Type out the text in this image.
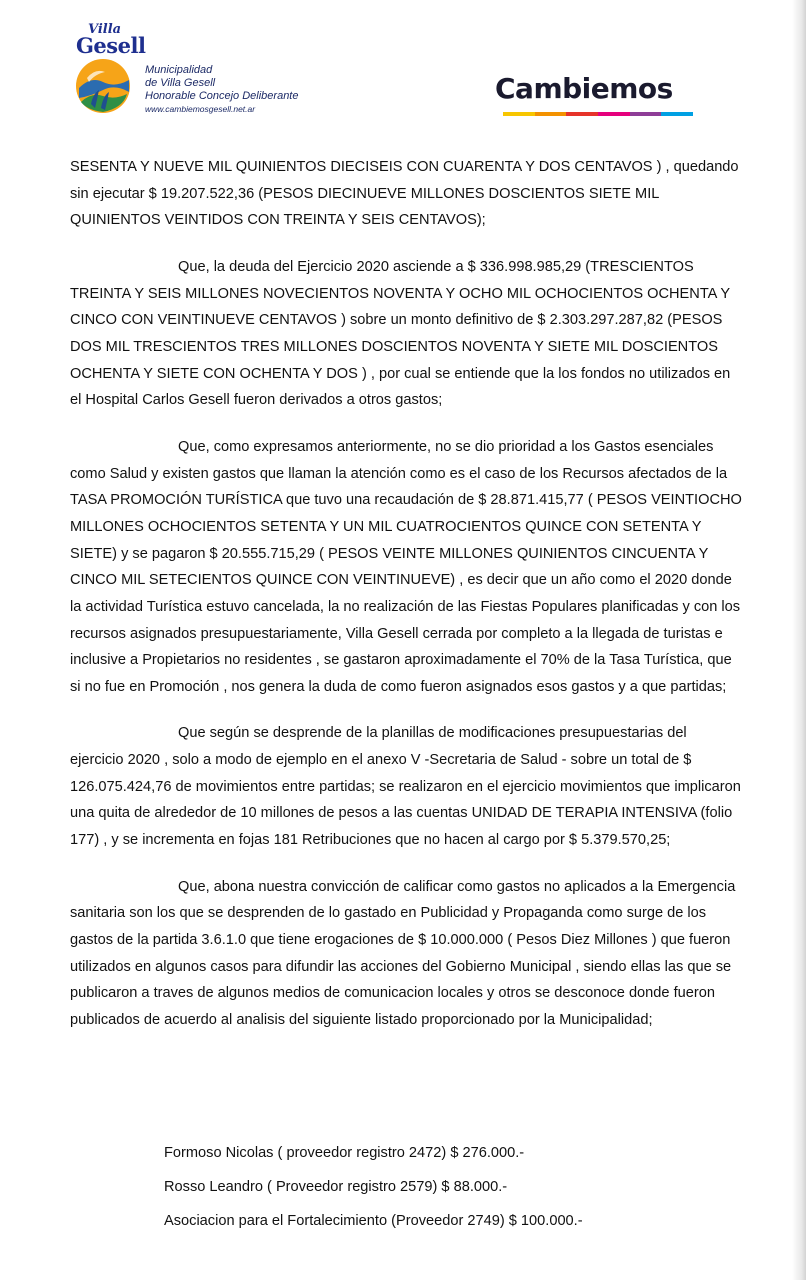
Villa
Gesell
Municipalidad
de Villa Gesell
Honorable Concejo Deliberante
www.cambiemosgesell.net.ar
Cambiemos

SESENTA Y NUEVE MIL QUINIENTOS DIECISEIS CON CUARENTA Y DOS CENTAVOS ) , quedando sin ejecutar $ 19.207.522,36 (PESOS DIECINUEVE MILLONES DOSCIENTOS SIETE MIL QUINIENTOS VEINTIDOS CON TREINTA Y SEIS CENTAVOS);

Que, la deuda del Ejercicio 2020 asciende a $ 336.998.985,29 (TRESCIENTOS TREINTA Y SEIS MILLONES NOVECIENTOS NOVENTA Y OCHO MIL OCHOCIENTOS OCHENTA Y CINCO CON VEINTINUEVE CENTAVOS ) sobre un monto definitivo de $ 2.303.297.287,82 (PESOS DOS MIL TRESCIENTOS TRES MILLONES DOSCIENTOS NOVENTA Y SIETE MIL DOSCIENTOS OCHENTA Y SIETE CON OCHENTA Y DOS ) , por cual se entiende que la los fondos no utilizados en el Hospital Carlos Gesell fueron derivados a otros gastos;

Que, como expresamos anteriormente, no se dio prioridad a los Gastos esenciales como Salud y existen gastos que llaman la atención como es el caso de los Recursos afectados de la TASA PROMOCIÓN TURÍSTICA que tuvo una recaudación de $ 28.871.415,77 ( PESOS VEINTIOCHO MILLONES OCHOCIENTOS SETENTA Y UN MIL CUATROCIENTOS QUINCE CON SETENTA Y SIETE) y se pagaron $ 20.555.715,29 ( PESOS VEINTE MILLONES QUINIENTOS CINCUENTA Y CINCO MIL SETECIENTOS QUINCE CON VEINTINUEVE) , es decir que un año como el 2020 donde la actividad Turística estuvo cancelada, la no realización de las Fiestas Populares planificadas y con los recursos asignados presupuestariamente, Villa Gesell cerrada por completo a la llegada de turistas e inclusive a Propietarios no residentes , se gastaron aproximadamente el 70% de la Tasa Turística, que si no fue en Promoción , nos genera la duda de como fueron asignados esos gastos y a que partidas;

Que según se desprende de la planillas de modificaciones presupuestarias del ejercicio 2020 , solo a modo de ejemplo en el anexo V -Secretaria de Salud - sobre un total de $ 126.075.424,76 de movimientos entre partidas; se realizaron en el ejercicio movimientos que implicaron una quita de alrededor de 10 millones de pesos a las cuentas UNIDAD DE TERAPIA INTENSIVA (folio 177) , y se incrementa en fojas 181 Retribuciones que no hacen al cargo por $ 5.379.570,25;

Que, abona nuestra convicción de calificar como gastos no aplicados a la Emergencia sanitaria son los que se desprenden de lo gastado en Publicidad y Propaganda como surge de los gastos de la partida 3.6.1.0 que tiene erogaciones de $ 10.000.000 ( Pesos Diez Millones ) que fueron utilizados en algunos casos para difundir las acciones del Gobierno Municipal , siendo ellas las que se publicaron a traves de algunos medios de comunicacion locales y otros se desconoce donde fueron publicados de acuerdo al analisis del siguiente listado proporcionado por la Municipalidad;

Formoso Nicolas ( proveedor registro 2472) $ 276.000.-
Rosso Leandro ( Proveedor registro 2579) $ 88.000.-
Asociacion para el Fortalecimiento (Proveedor 2749) $ 100.000.-
